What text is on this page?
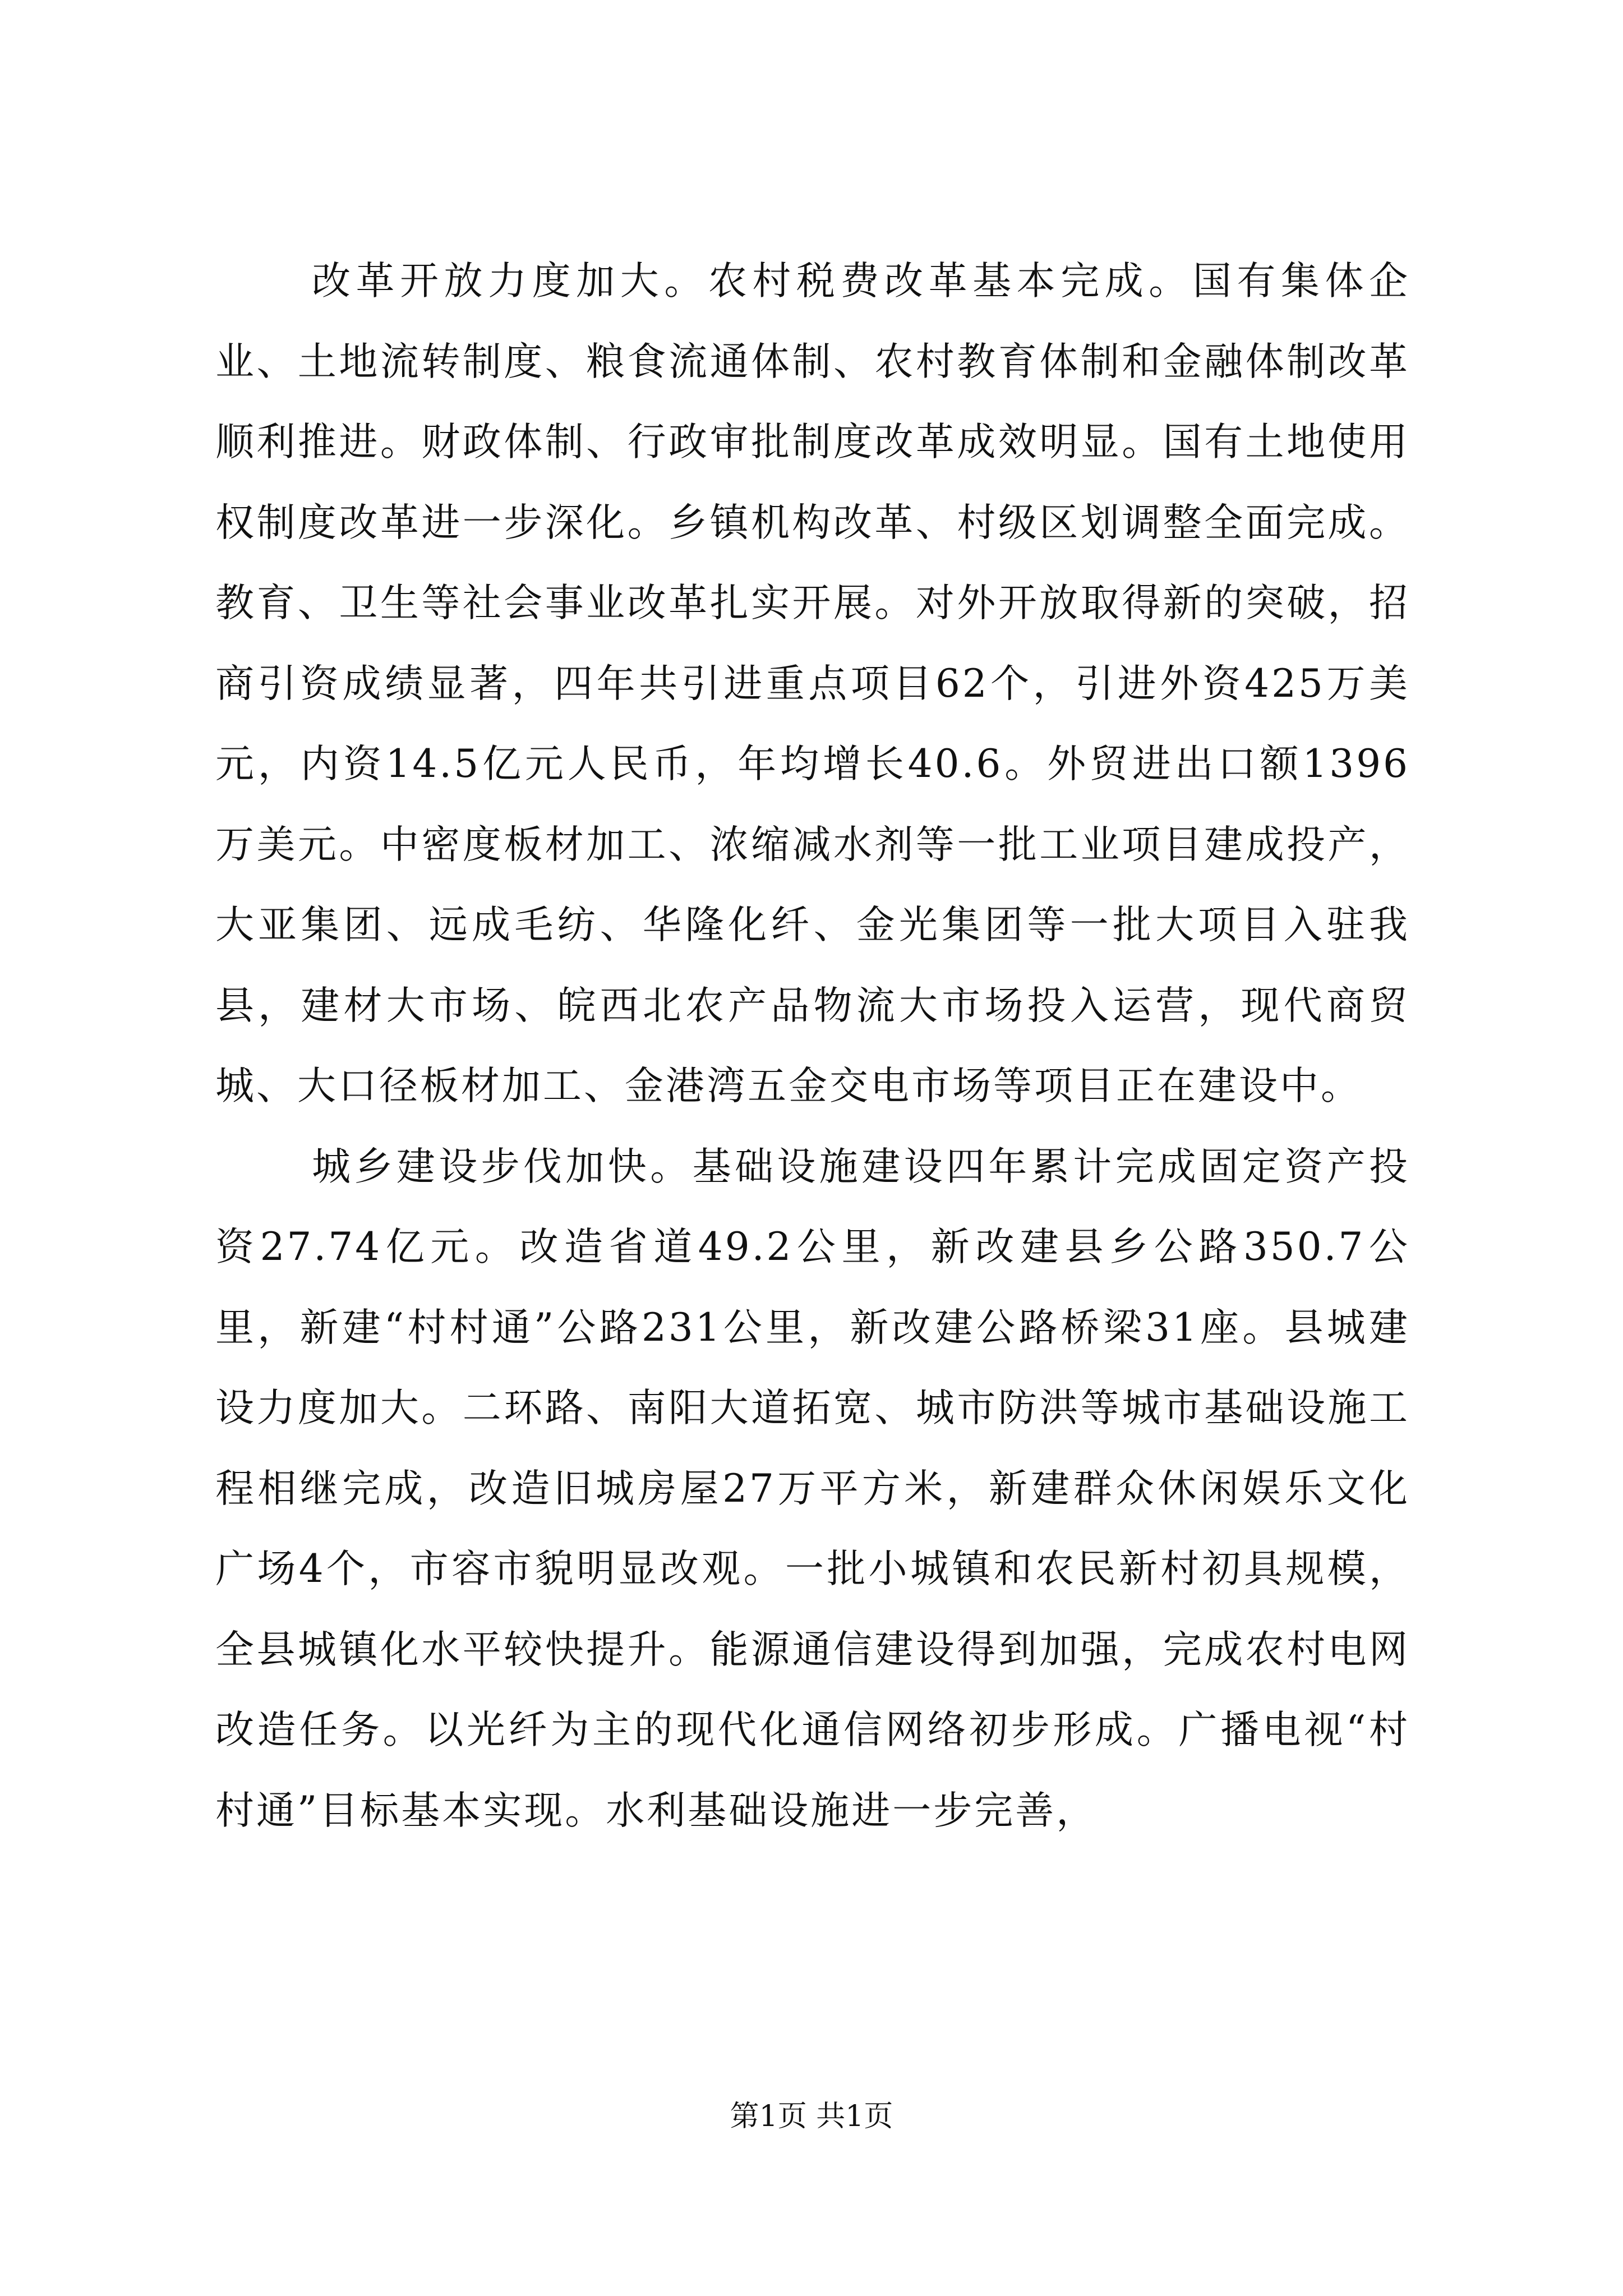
改革开放力度加大。农村税费改革基本完成。国有集体企业、土地流转制度、粮食流通体制、农村教育体制和金融体制改革顺利推进。财政体制、行政审批制度改革成效明显。国有土地使用权制度改革进一步深化。乡镇机构改革、村级区划调整全面完成。教育、卫生等社会事业改革扎实开展。对外开放取得新的突破，招商引资成绩显著，四年共引进重点项目62个，引进外资425万美元，内资14.5亿元人民币，年均增长40.6。外贸进出口额1396万美元。中密度板材加工、浓缩减水剂等一批工业项目建成投产，大亚集团、远成毛纺、华隆化纤、金光集团等一批大项目入驻我县，建材大市场、皖西北农产品物流大市场投入运营，现代商贸城、大口径板材加工、金港湾五金交电市场等项目正在建设中。

城乡建设步伐加快。基础设施建设四年累计完成固定资产投资27.74亿元。改造省道49.2公里，新改建县乡公路350.7公里，新建“村村通”公路231公里，新改建公路桥梁31座。县城建设力度加大。二环路、南阳大道拓宽、城市防洪等城市基础设施工程相继完成，改造旧城房屋27万平方米，新建群众休闲娱乐文化广场4个，市容市貌明显改观。一批小城镇和农民新村初具规模，全县城镇化水平较快提升。能源通信建设得到加强，完成农村电网改造任务。以光纤为主的现代化通信网络初步形成。广播电视“村村通”目标基本实现。水利基础设施进一步完善，

第1页 共1页
